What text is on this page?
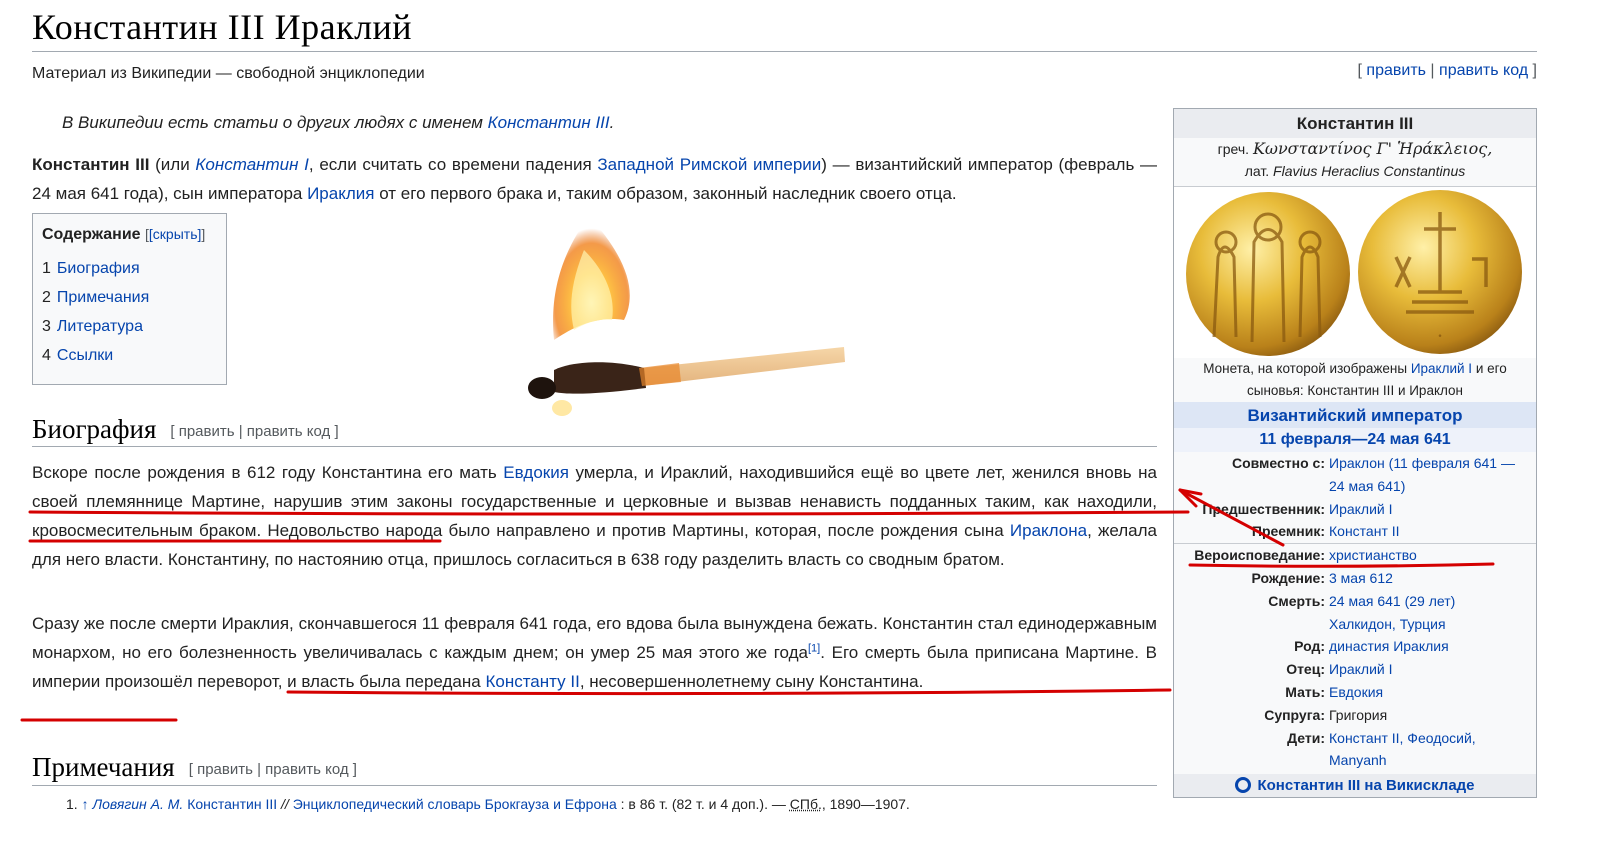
Константин III Ираклий
Материал из Википедии — свободной энциклопедии	[ править | править код ]
В Википедии есть статьи о других людях с именем Константин III.
Константин III (или Константин I, если считать со времени падения Западной Римской империи) — византийский император (февраль — 24 мая 641 года), сын императора Ираклия от его первого брака и, таким образом, законный наследник своего отца.
Содержание [[скрыть]]
1 Биография
2 Примечания
3 Литература
4 Ссылки
Биография [ править | править код ]
Вскоре после рождения в 612 году Константина его мать Евдокия умерла, и Ираклий, находившийся ещё во цвете лет, женился вновь на своей племяннице Мартине, нарушив этим законы государственные и церковные и вызвав ненависть подданных таким, как находили, кровосмесительным браком. Недовольство народа было направлено и против Мартины, которая, после рождения сына Ираклона, желала для него власти. Константину, по настоянию отца, пришлось согласиться в 638 году разделить власть со сводным братом.
Сразу же после смерти Ираклия, скончавшегося 11 февраля 641 года, его вдова была вынуждена бежать. Константин стал единодержавным монархом, но его болезненность увеличивалась с каждым днем; он умер 25 мая этого же года[1]. Его смерть была приписана Мартине. В империи произошёл переворот, и власть была передана Константу II, несовершеннолетнему сыну Константина.
Примечания [ править | править код ]
1. ↑ Ловягин А. М. Константин III // Энциклопедический словарь Брокгауза и Ефрона : в 86 т. (82 т. и 4 доп.). — СПб., 1890—1907.
Константин III
греч. Κωνσταντίνος Γ' Ἡράκλειος,
лат. Flavius Heraclius Constantinus
.
Монета, на которой изображены Ираклий I и его сыновья: Константин III и Ираклон
Византийский император
11 февраля—24 мая 641
Совместно с:	Ираклон (11 февраля 641 — 24 мая 641)
Предшественник:	Ираклий I
Преемник:	Констант II
Вероисповедание:	христианство
Рождение:	3 мая 612
Смерть:	24 мая 641 (29 лет)
	Халкидон, Турция
Род:	династия Ираклия
Отец:	Ираклий I
Мать:	Евдокия
Супруга:	Григория
Дети:	Констант II, Феодосий, Manyanh
Константин III на Викискладе
